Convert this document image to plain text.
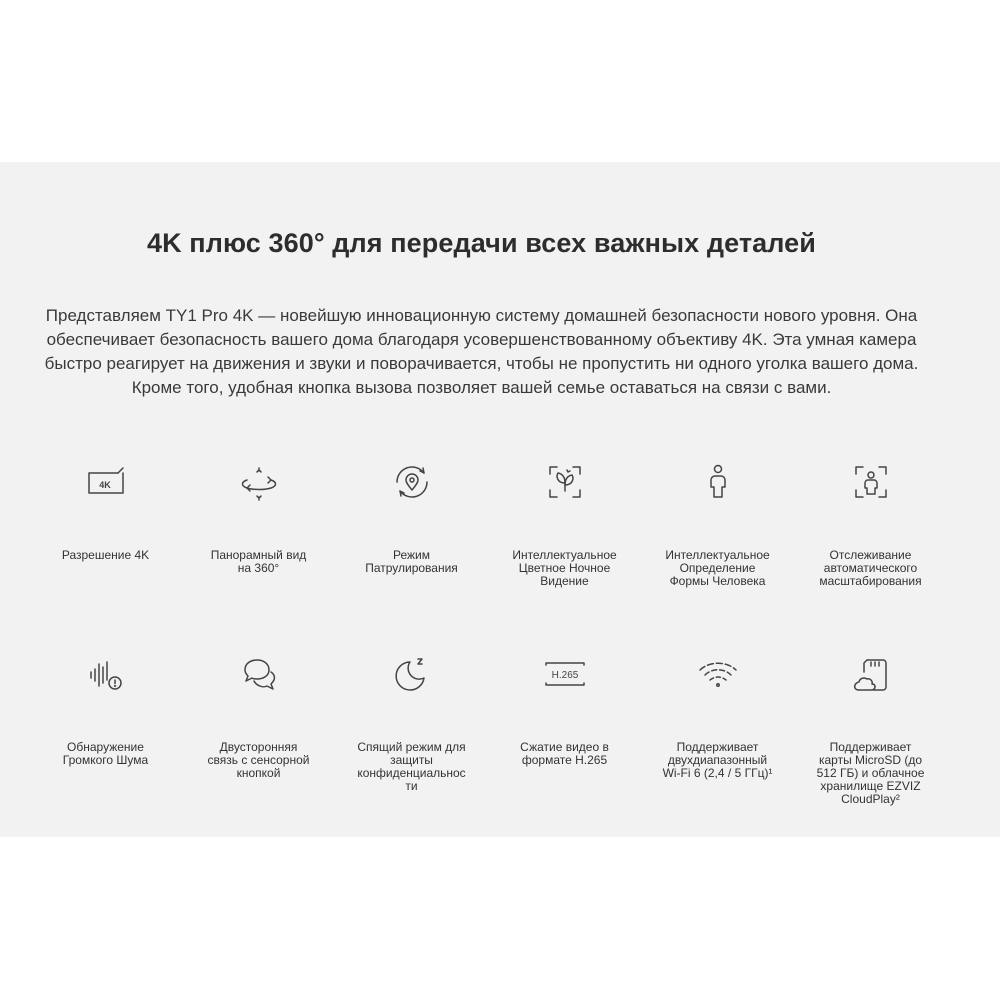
4K плюс 360° для передачи всех важных деталей
Представляем TY1 Pro 4K — новейшую инновационную систему домашней безопасности нового уровня. Она обеспечивает безопасность вашего дома благодаря усовершенствованному объективу 4K. Эта умная камера быстро реагирует на движения и звуки и поворачивается, чтобы не пропустить ни одного уголка вашего дома. Кроме того, удобная кнопка вызова позволяет вашей семье оставаться на связи с вами.
4K
Разрешение 4K	Панорамный вид
на 360°
Режим
Патрулирования
Интеллектуальное
Цветное Ночное
Видение
Интеллектуальное
Определение
Формы Человека
Отслеживание
автоматического
масштабирования
Обнаружение
Громкого Шума
Двусторонняя
связь с сенсорной
кнопкой
Спящий режим для
защиты
конфиденциальнос
ти
H.265
Сжатие видео в
формате H.265
Поддерживает
двухдиапазонный
Wi-Fi 6 (2,4 / 5 ГГц)¹
Поддерживает
карты MicroSD (до
512 ГБ) и облачное
хранилище EZVIZ
CloudPlay²
